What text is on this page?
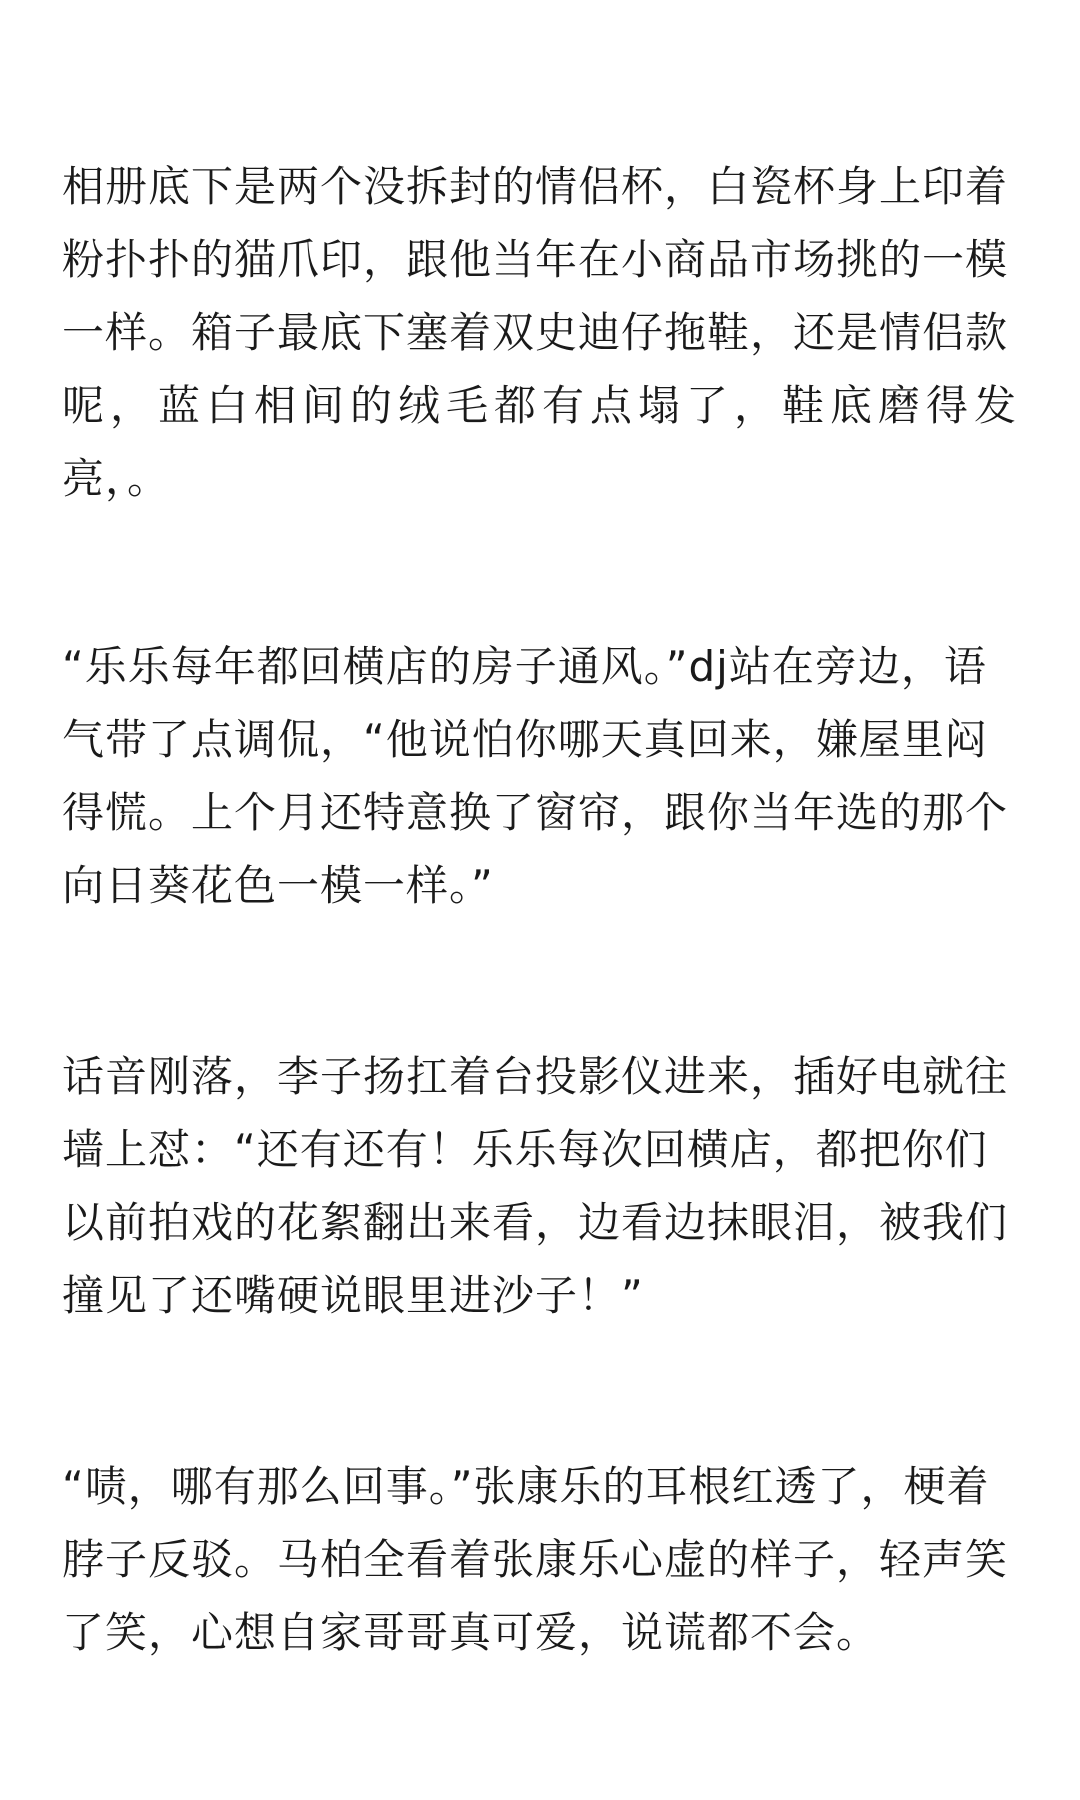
相册底下是两个没拆封的情侣杯，白瓷杯身上印着
粉扑扑的猫爪印，跟他当年在小商品市场挑的一模
一样。箱子最底下塞着双史迪仔拖鞋，还是情侣款
呢，蓝白相间的绒毛都有点塌了，鞋底磨得发
亮，。
“乐乐每年都回横店的房子通风。”dj站在旁边，语
气带了点调侃，“他说怕你哪天真回来，嫌屋里闷
得慌。上个月还特意换了窗帘，跟你当年选的那个
向日葵花色一模一样。”
话音刚落，李子扬扛着台投影仪进来，插好电就往
墙上怼：“还有还有！乐乐每次回横店，都把你们
以前拍戏的花絮翻出来看，边看边抹眼泪，被我们
撞见了还嘴硬说眼里进沙子！”
“啧，哪有那么回事。”张康乐的耳根红透了，梗着
脖子反驳。马柏全看着张康乐心虚的样子，轻声笑
了笑，心想自家哥哥真可爱，说谎都不会。
